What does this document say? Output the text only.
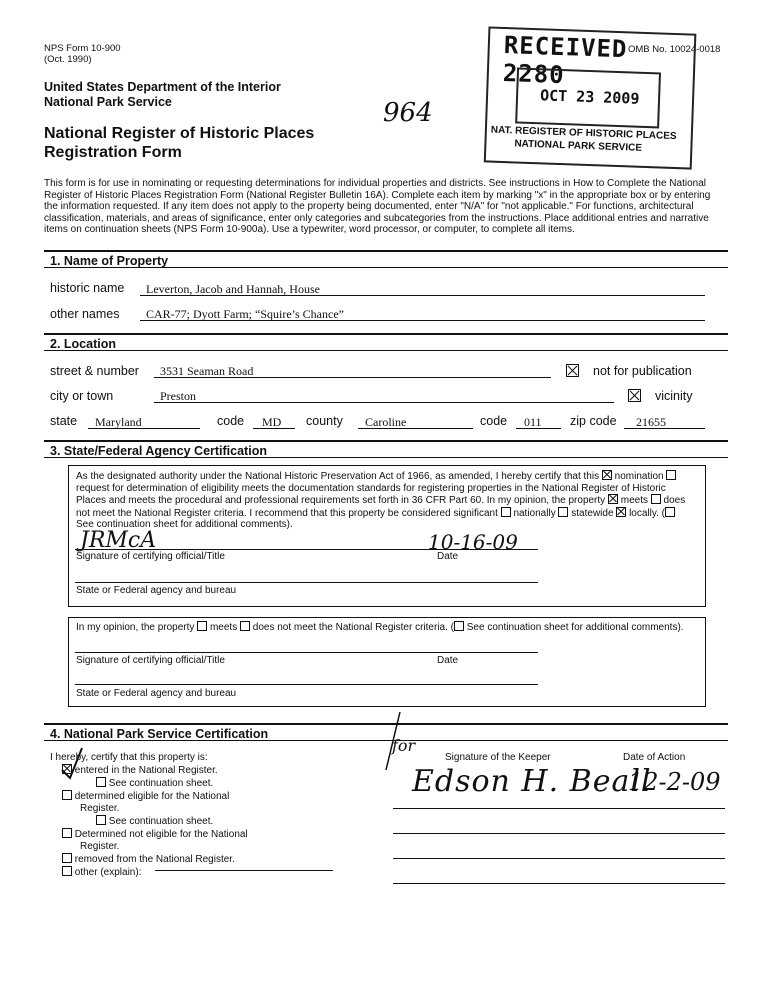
NPS Form 10-900
(Oct. 1990)
United States Department of the Interior
National Park Service
National Register of Historic Places
Registration Form
964
OMB No. 10024-0018
RECEIVED 2280
OCT 23 2009
NAT. REGISTER OF HISTORIC PLACES
NATIONAL PARK SERVICE
This form is for use in nominating or requesting determinations for individual properties and districts. See instructions in How to Complete the National
Register of Historic Places Registration Form (National Register Bulletin 16A). Complete each item by marking "x" in the appropriate box or by entering
the information requested. If any item does not apply to the property being documented, enter "N/A" for "not applicable." For functions, architectural
classification, materials, and areas of significance, enter only categories and subcategories from the instructions. Place additional entries and narrative
items on continuation sheets (NPS Form 10-900a). Use a typewriter, word processor, or computer, to complete all items.
1. Name of Property
historic name Leverton, Jacob and Hannah, House
other names CAR-77; Dyott Farm; “Squire’s Chance”
2. Location
street & number 3531 Seaman Road	not for publication
city or town	Preston	vicinity
state Maryland	code MD county Caroline	code 011 zip code 21655
3. State/Federal Agency Certification
As the designated authority under the National Historic Preservation Act of 1966, as amended, I hereby certify that this nomination
request for determination of eligibility meets the documentation standards for registering properties in the National Register of Historic
Places and meets the procedural and professional requirements set forth in 36 CFR Part 60. In my opinion, the property meets does
not meet the National Register criteria. I recommend that this property be considered significant nationally statewide locally. (
See continuation sheet for additional comments).
JRMcA	10-16-09
Signature of certifying official/Title	Date
State or Federal agency and bureau
In my opinion, the property meets does not meet the National Register criteria. ( See continuation sheet for additional comments).
Signature of certifying official/Title	Date
State or Federal agency and bureau
4. National Park Service Certification
I hereby, certify that this property is:
entered in the National Register.
See continuation sheet.
determined eligible for the National
Register.
See continuation sheet.
Determined not eligible for the National
Register.
removed from the National Register.
other (explain):
Signature of the Keeper	Date of Action
for
Edson H. Beall
12-2-09
